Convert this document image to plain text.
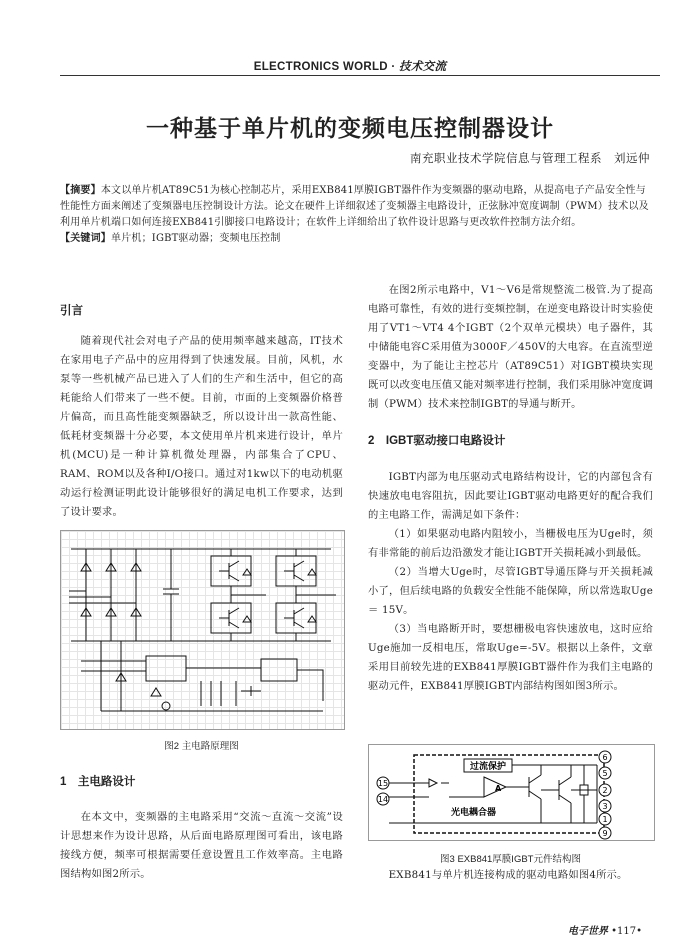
ELECTRONICS WORLD · 技术交流
一种基于单片机的变频电压控制器设计
南充职业技术学院信息与管理工程系　刘远仲
【摘要】本文以单片机AT89C51为核心控制芯片，采用EXB841厚膜IGBT器件作为变频器的驱动电路，从提高电子产品安全性与性能性方面来阐述了变频器电压控制设计方法。论文在硬件上详细叙述了变频器主电路设计，正弦脉冲宽度调制（PWM）技术以及利用单片机端口如何连接EXB841引脚接口电路设计；在软件上详细给出了软件设计思路与更改软件控制方法介绍。
【关键词】单片机；IGBT驱动器；变频电压控制
引言

随着现代社会对电子产品的使用频率越来越高，IT技术在家用电子产品中的应用得到了快速发展。目前，风机，水泵等一些机械产品已进入了人们的生产和生活中，但它的高耗能给人们带来了一些不便。目前，市面的上变频器价格普片偏高，而且高性能变频器缺乏，所以设计出一款高性能、低耗材变频器十分必要，本文使用单片机来进行设计，单片机(MCU)是一种计算机微处理器，内部集合了CPU、RAM、ROM以及各种I/O接口。通过对1kw以下的电动机驱动运行检测证明此设计能够很好的满足电机工作要求，达到了设计要求。

图2 主电路原理图
1　主电路设计

在本文中，变频器的主电路采用“交流～直流～交流”设计思想来作为设计思路，从后面电路原理图可看出，该电路接线方便，频率可根据需要任意设置且工作效率高。主电路图结构如图2所示。

在图2所示电路中，V1～V6是常规整流二极管.为了提高电路可靠性，有效的进行变频控制，在逆变电路设计时实验使用了VT1～VT4 4个IGBT（2个双单元模块）电子器件，其中储能电容C采用值为3000F／450V的大电容。在直流型逆变器中，为了能让主控芯片（AT89C51）对IGBT模块实现既可以改变电压值又能对频率进行控制，我们采用脉冲宽度调制（PWM）技术来控制IGBT的导通与断开。

2　IGBT驱动接口电路设计

IGBT内部为电压驱动式电路结构设计，它的内部包含有快速放电电容阻抗，因此要让IGBT驱动电路更好的配合我们的主电路工作，需满足如下条件：

（1）如果驱动电路内阻较小，当栅极电压为Uge时，须有非常能的前后边沿激发才能让IGBT开关损耗减小到最低。

（2）当增大Uge时，尽管IGBT导通压降与开关损耗减小了，但后续电路的负载安全性能不能保障，所以常选取Uge ＝ 15V。

（3）当电路断开时，要想栅极电容快速放电，这时应给Uge施加一反相电压，常取Uge=-5V。根据以上条件，文章采用目前较先进的EXB841厚膜IGBT器件作为我们主电路的驱动元件，EXB841厚膜IGBT内部结构图如图3所示。

过流保护
A
光电耦合器
6
5
2
3
1
9
15
14
图3 EXB841厚膜IGBT元件结构图

EXB841与单片机连接构成的驱动电路如图4所示。

电子世界 •117•
